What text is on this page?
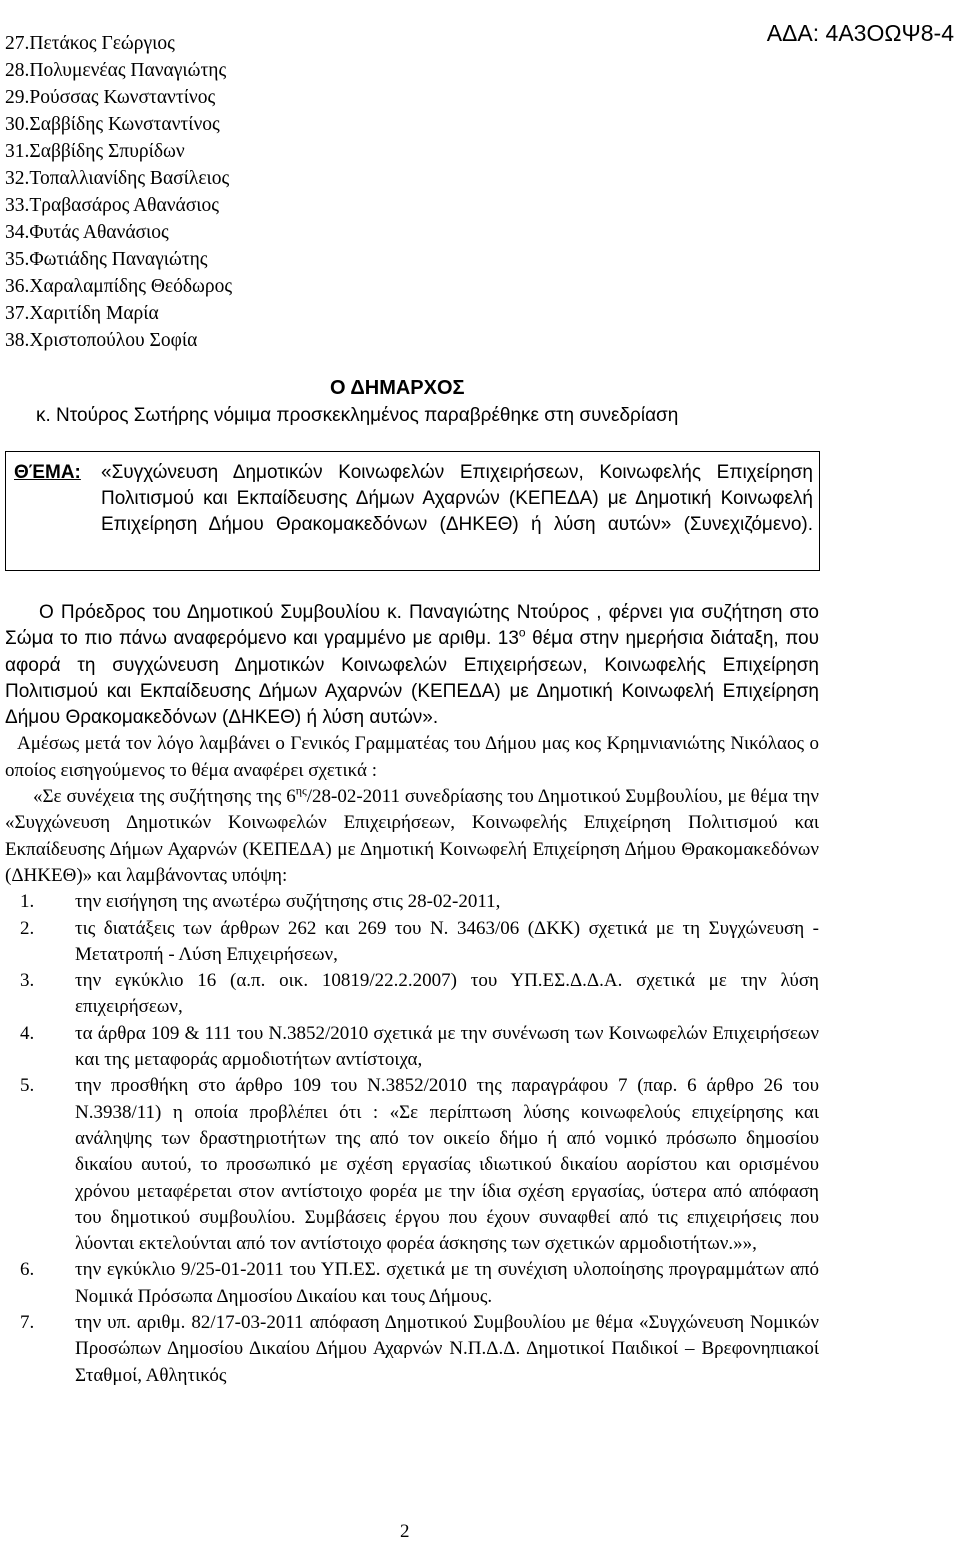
ΑΔΑ: 4Α3ΟΩΨ8-4
27.Πετάκος Γεώργιος
28.Πολυμενέας Παναγιώτης
29.Ρούσσας Κωνσταντίνος
30.Σαββίδης Κωνσταντίνος
31.Σαββίδης Σπυρίδων
32.Τοπαλλιανίδης Βασίλειος
33.Τραβασάρος Αθανάσιος
34.Φυτάς Αθανάσιος
35.Φωτιάδης Παναγιώτης
36.Χαραλαμπίδης Θεόδωρος
37.Χαριτίδη Μαρία
38.Χριστοπούλου Σοφία
Ο ΔΗΜΑΡΧΟΣ
κ. Ντούρος Σωτήρης νόμιμα προσκεκλημένος παραβρέθηκε στη συνεδρίαση
ΘΈΜΑ: «Συγχώνευση Δημοτικών Κοινωφελών Επιχειρήσεων, Κοινωφελής Επιχείρηση Πολιτισμού και Εκπαίδευσης Δήμων Αχαρνών (ΚΕΠΕΔΑ) με Δημοτική Κοινωφελή Επιχείρηση Δήμου Θρακομακεδόνων (ΔΗΚΕΘ) ή λύση αυτών» (Συνεχιζόμενο).

Ο Πρόεδρος του Δημοτικού Συμβουλίου κ. Παναγιώτης Ντούρος , φέρνει για συζήτηση στο Σώμα το πιο πάνω αναφερόμενο και γραμμένο με αριθμ. $13^o$ θέμα στην ημερήσια διάταξη, που αφορά τη συγχώνευση Δημοτικών Κοινωφελών Επιχειρήσεων, Κοινωφελής Επιχείρηση Πολιτισμού και Εκπαίδευσης Δήμων Αχαρνών (ΚΕΠΕΔΑ) με Δημοτική Κοινωφελή Επιχείρηση Δήμου Θρακομακεδόνων (ΔΗΚΕΘ) ή λύση αυτών».

Αμέσως μετά τον λόγο λαμβάνει ο Γενικός Γραμματέας του Δήμου μας κος Κρημνιανιώτης Νικόλαος ο οποίος εισηγούμενος το θέμα αναφέρει σχετικά :

«Σε συνέχεια της συζήτησης της $6^{\eta\varsigma}/28-02-2011$ συνεδρίασης του Δημοτικού Συμβουλίου, με θέμα την «Συγχώνευση Δημοτικών Κοινωφελών Επιχειρήσεων, Κοινωφελής Επιχείρηση Πολιτισμού και Εκπαίδευσης Δήμων Αχαρνών (ΚΕΠΕΔΑ) με Δημοτική Κοινωφελή Επιχείρηση Δήμου Θρακομακεδόνων (ΔΗΚΕΘ)» και λαμβάνοντας υπόψη:

1. την εισήγηση της ανωτέρω συζήτησης στις 28-02-2011,
2. τις διατάξεις των άρθρων 262 και 269 του Ν. 3463/06 (ΔΚΚ) σχετικά με τη Συγχώνευση - Μετατροπή - Λύση Επιχειρήσεων,
3. την εγκύκλιο 16 (α.π. οικ. 10819/22.2.2007) του ΥΠ.ΕΣ.Δ.Δ.Α. σχετικά με την λύση επιχειρήσεων,
4. τα άρθρα 109 & 111 του Ν.3852/2010 σχετικά με την συνένωση των Κοινωφελών Επιχειρήσεων και της μεταφοράς αρμοδιοτήτων αντίστοιχα,
5. την προσθήκη στο άρθρο 109 του Ν.3852/2010 της παραγράφου 7 (παρ. 6 άρθρο 26 του Ν.3938/11) η οποία προβλέπει ότι : «Σε περίπτωση λύσης κοινωφελούς επιχείρησης και ανάληψης των δραστηριοτήτων της από τον οικείο δήμο ή από νομικό πρόσωπο δημοσίου δικαίου αυτού, το προσωπικό με σχέση εργασίας ιδιωτικού δικαίου αορίστου και ορισμένου χρόνου μεταφέρεται στον αντίστοιχο φορέα με την ίδια σχέση εργασίας, ύστερα από απόφαση του δημοτικού συμβουλίου. Συμβάσεις έργου που έχουν συναφθεί από τις επιχειρήσεις που λύονται εκτελούνται από τον αντίστοιχο φορέα άσκησης των σχετικών αρμοδιοτήτων.»»,
6. την εγκύκλιο 9/25-01-2011 του ΥΠ.ΕΣ. σχετικά με τη συνέχιση υλοποίησης προγραμμάτων από Νομικά Πρόσωπα Δημοσίου Δικαίου και τους Δήμους.
7. την υπ. αριθμ. 82/17-03-2011 απόφαση Δημοτικού Συμβουλίου με θέμα «Συγχώνευση Νομικών Προσώπων Δημοσίου Δικαίου Δήμου Αχαρνών Ν.Π.Δ.Δ. Δημοτικοί Παιδικοί – Βρεφονηπιακοί Σταθμοί, Αθλητικός
2
